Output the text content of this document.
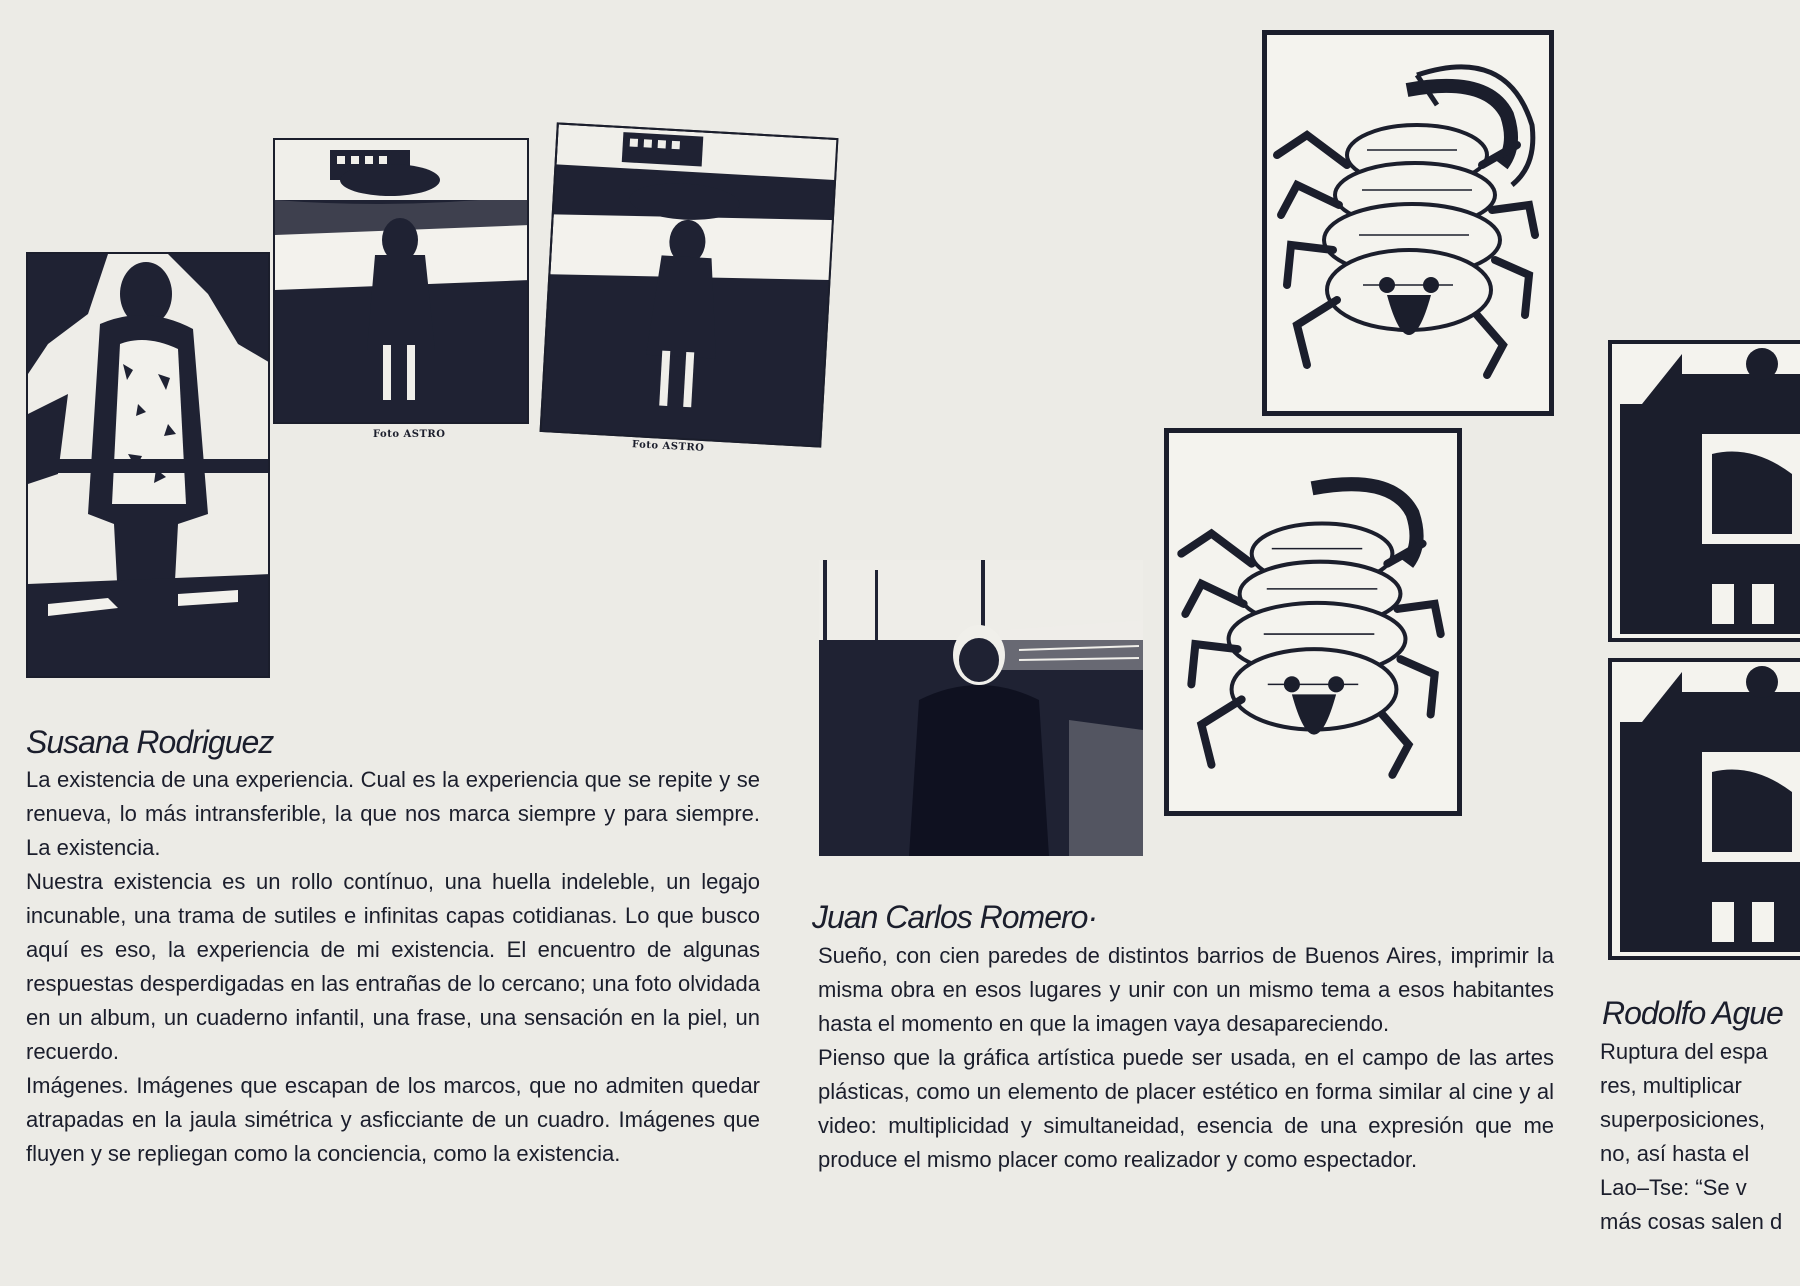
Foto ASTRO
Foto ASTRO
Susana Rodriguez

La existencia de una experiencia. Cual es la experiencia que se repite y se renueva, lo más intransferible, la que nos marca siempre y para siempre. La existencia.

Nuestra existencia es un rollo contínuo, una huella indeleble, un legajo incunable, una trama de sutiles e infinitas capas cotidianas. Lo que busco aquí es eso, la experiencia de mi existencia. El encuentro de algunas respuestas desperdigadas en las entrañas de lo cercano; una foto olvidada en un album, un cuaderno infantil, una frase, una sensación en la piel, un recuerdo.

Imágenes. Imágenes que escapan de los marcos, que no admiten quedar atrapadas en la jaula simétrica y asficciante de un cuadro. Imágenes que fluyen y se repliegan como la conciencia, como la existencia.

Juan Carlos Romero·

Sueño, con cien paredes de distintos barrios de Buenos Aires, imprimir la misma obra en esos lugares y unir con un mismo tema a esos habitantes hasta el momento en que la imagen vaya desapareciendo.

Pienso que la gráfica artística puede ser usada, en el campo de las artes plásticas, como un elemento de placer estético en forma similar al cine y al video: multiplicidad y simultaneidad, esencia de una expresión que me produce el mismo placer como realizador y como espectador.

Rodolfo Ague
Ruptura del espa
res, multiplicar
superposiciones,
no, así hasta el
Lao–Tse: “Se v
más cosas salen d
